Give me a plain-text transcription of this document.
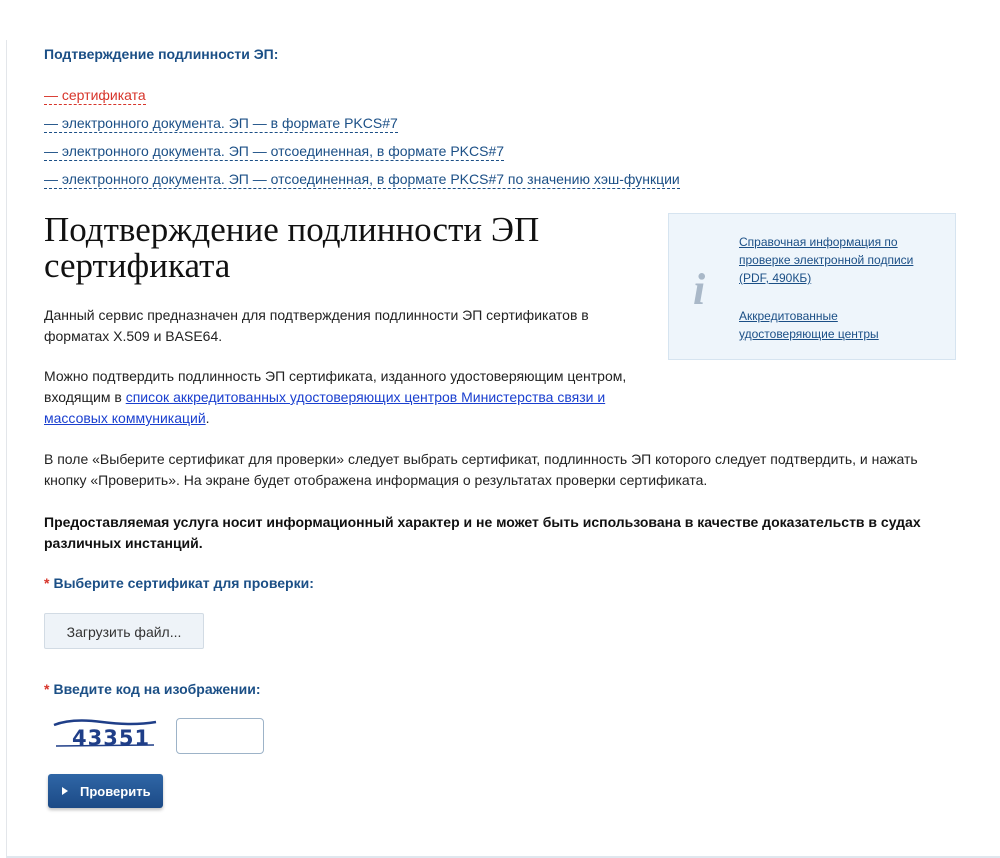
Подтверждение подлинности ЭП:
— сертификата
— электронного документа. ЭП — в формате PKCS#7
— электронного документа. ЭП — отсоединенная, в формате PKCS#7
— электронного документа. ЭП — отсоединенная, в формате PKCS#7 по значению хэш-функции
Подтверждение подлинности ЭП сертификата

Данный сервис предназначен для подтверждения подлинности ЭП сертификатов в форматах X.509 и BASE64.

Можно подтвердить подлинность ЭП сертификата, изданного удостоверяющим центром, входящим в список аккредитованных удостоверяющих центров Министерства связи и массовых коммуникаций.

В поле «Выберите сертификат для проверки» следует выбрать сертификат, подлинность ЭП которого следует подтвердить, и нажать кнопку «Проверить». На экране будет отображена информация о результатах проверки сертификата.

Предоставляемая услуга носит информационный характер и не может быть использована в качестве доказательств в судах различных инстанций.

i
Справочная информация по проверке электронной подписи (PDF, 490КБ)
Аккредитованные удостоверяющие центры
* Выберите сертификат для проверки:
Загрузить файл...
* Введите код на изображении:
43351
Проверить
